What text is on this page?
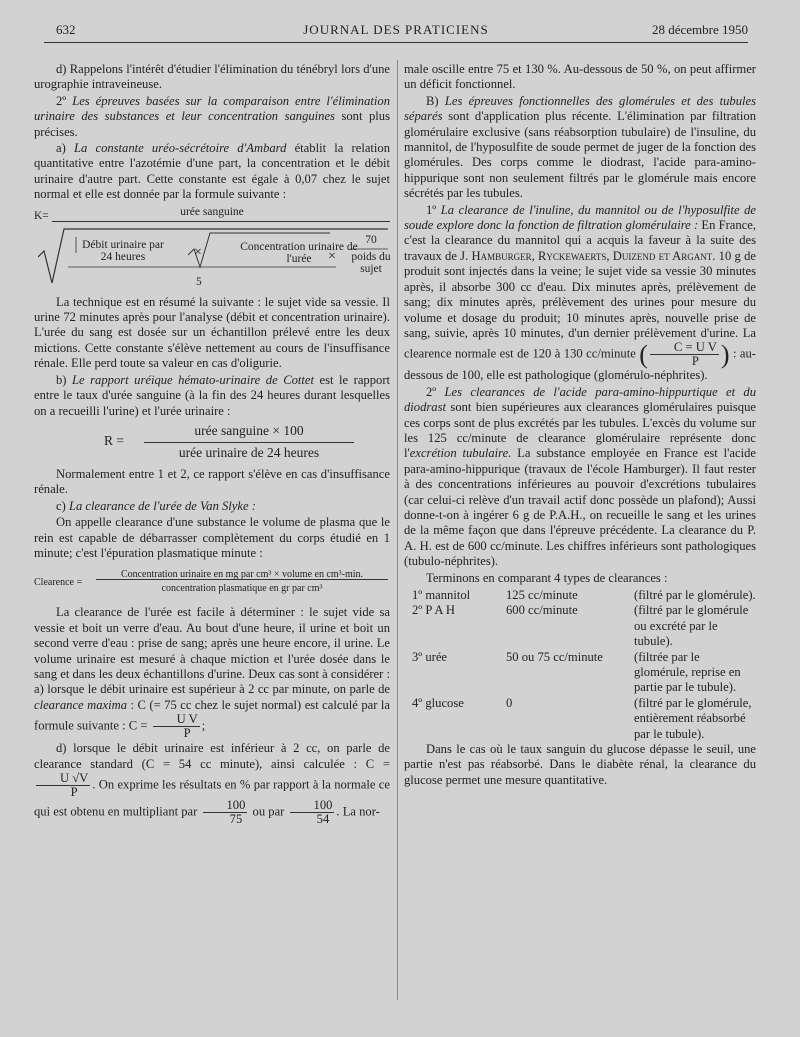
632	JOURNAL DES PRATICIENS	28 décembre 1950

d) Rappelons l'intérêt d'étudier l'élimination du ténébryl lors d'une urographie intraveineuse.

2º Les épreuves basées sur la comparaison entre l'élimination urinaire des substances et leur concentration sanguines sont plus précises.

a) La constante uréo-sécrétoire d'Ambard établit la relation quantitative entre l'azotémie d'une part, la concentration et le débit urinaire d'autre part. Cette constante est égale à 0,07 chez le sujet normal et elle est donnée par la formule suivante :

K=	urée sanguine
Débit urinaire par 24 heures	×	Concentration urinaire de l'urée	×
5
70
poids du sujet

La technique est en résumé la suivante : le sujet vide sa vessie. Il urine 72 minutes après pour l'analyse (débit et concentration urinaire). L'urée du sang est dosée sur un échantillon prélevé entre les deux mictions. Cette constante s'élève nettement au cours de l'insuffisance rénale. Elle perd toute sa valeur en cas d'oligurie.

b) Le rapport uréique hémato-urinaire de Cottet est le rapport entre le taux d'urée sanguine (à la fin des 24 heures durant lesquelles on a recueilli l'urine) et l'urée urinaire :

R =
urée sanguine × 100
urée urinaire de 24 heures

Normalement entre 1 et 2, ce rapport s'élève en cas d'insuffisance rénale.

c) La clearance de l'urée de Van Slyke :

On appelle clearance d'une substance le volume de plasma que le rein est capable de débarrasser complètement du corps étudié en 1 minute; c'est l'épuration plasmatique minute :

Clearence =
Concentration urinaire en mg par cm³ × volume en cm³-min.
concentration plasmatique en gr par cm³

La clearance de l'urée est facile à déterminer : le sujet vide sa vessie et boit un verre d'eau. Au bout d'une heure, il urine et boit un second verre d'eau : prise de sang; après une heure encore, il urine. Le volume urinaire est mesuré à chaque miction et l'urée dosée dans le sang et dans les deux échantillons d'urine. Deux cas sont à considérer : a) lorsque le débit urinaire est supérieur à 2 cc par minute, on parle de clearance maxima : C (= 75 cc chez le sujet normal) est calculé par la formule suivante : $C = \frac{\text{U V}}{P}$ ;

d) lorsque le débit urinaire est inférieur à 2 cc, on parle de clearance standard (C = 54 cc minute), ainsi calculée : C =
$\frac{U √V}{P}$ . On exprime les résultats en % par rapport à la normale ce qui est obtenu en multipliant par $\frac{100}{75}$ ou par $\frac{100}{54}$ . La nor-

male oscille entre 75 et 130 %. Au-dessous de 50 %, on peut affirmer un déficit fonctionnel.

B) Les épreuves fonctionnelles des glomérules et des tubules séparés sont d'application plus récente. L'élimination par filtration glomérulaire exclusive (sans réabsorption tubulaire) de l'insuline, du mannitol, de l'hyposulfite de soude permet de juger de la fonction des glomérules. Des corps comme le diodrast, l'acide para-amino-hippurique sont non seulement filtrés par le glomérule mais encore sécrétés par les tubules.

1º La clearance de l'inuline, du mannitol ou de l'hyposulfite de soude explore donc la fonction de filtration glomérulaire : En France, c'est la clearance du mannitol qui a acquis la faveur à la suite des travaux de J. Hamburger, Ryckewaerts, Duizend et Argant. 10 g de produit sont injectés dans la veine; le sujet vide sa vessie 30 minutes après, il absorbe 300 cc d'eau. Dix minutes après, prélèvement de sang; dix minutes après, prélèvement des urines pour mesure du volume et dosage du produit; 10 minutes après, nouvelle prise de sang, suivie, après 10 minutes, d'un dernier prélèvement d'urine. La clearence normale est de 120 à 130 cc/minute ( $\frac{\text{C = U V}}{P}$ ) : au-dessous de 100, elle est pathologique (glomérulo-néphrites).

2º Les clearances de l'acide para-amino-hippurtique et du diodrast sont bien supérieures aux clearances glomérulaires puisque ces corps sont de plus excrétés par les tubules. L'excès du volume sur les 125 cc/minute de clearance glomérulaire représente donc l'excrétion tubulaire. La substance employée en France est l'acide para-amino-hippurique (travaux de l'école Hamburger). Il faut rester à des concentrations inférieures au pouvoir d'excrétions tubulaires (car celui-ci relève d'un travail actif donc possède un plafond); Aussi donne-t-on à ingérer 6 g de P.A.H., on recueille le sang et les urines de la même façon que dans l'épreuve précédente. La clearance du P. A. H. est de 600 cc/minute. Les chiffres inférieurs sont pathologiques (tubulo-néphrites).

Terminons en comparant 4 types de clearances :

1º mannitol	125 cc/minute	(filtré par le glomérule).
2º P A H	600 cc/minute	(filtré par le glomérule ou excrété par le tubule).
3º urée	50 ou 75 cc/minute (filtrée par le glomérule, reprise en partie par le tubule).
4º glucose	0	(filtré par le glomérule, entièrement réabsorbé par le tubule).

Dans le cas où le taux sanguin du glucose dépasse le seuil, une partie n'est pas réabsorbé. Dans le diabète rénal, la clearance du glucose permet une mesure quantitative.
